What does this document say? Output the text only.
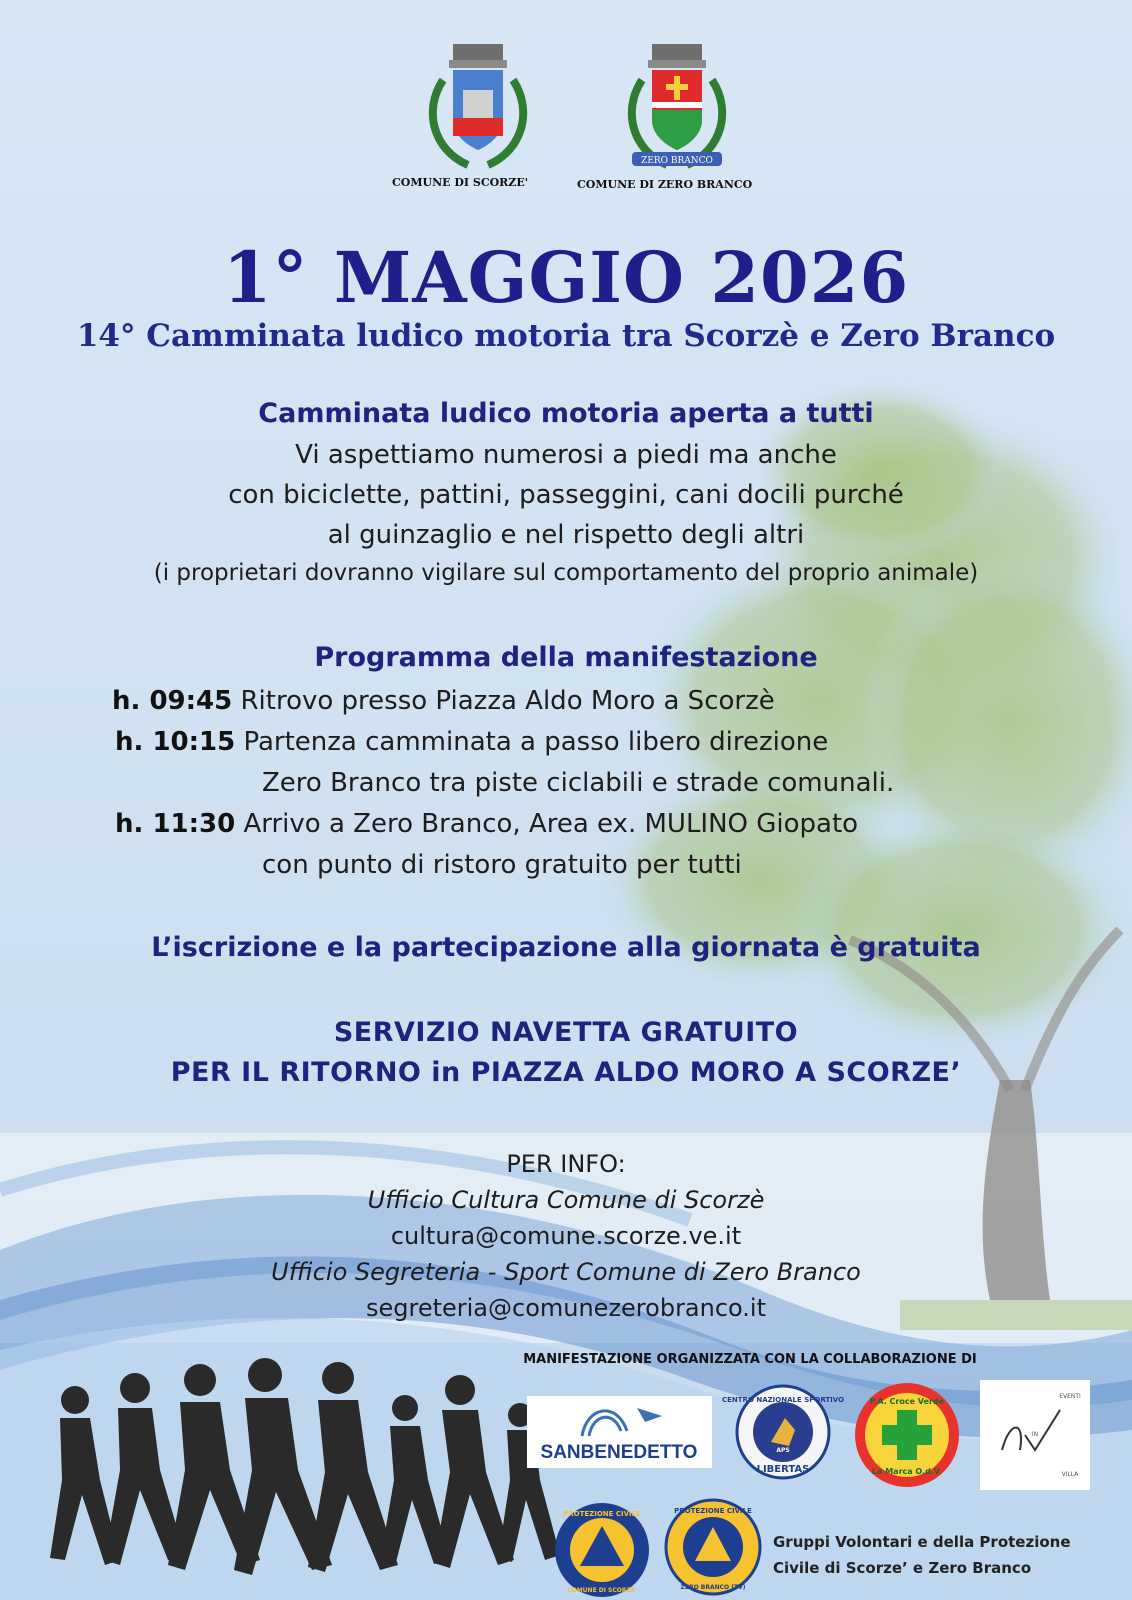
COMUNE DI SCORZE'
ZERO BRANCO
COMUNE DI ZERO BRANCO
1° MAGGIO 2026
14° Camminata ludico motoria tra Scorzè e Zero Branco
Camminata ludico motoria aperta a tutti
Vi aspettiamo numerosi a piedi ma anche
con biciclette, pattini, passeggini, cani docili purché
al guinzaglio e nel rispetto degli altri
(i proprietari dovranno vigilare sul comportamento del proprio animale)
Programma della manifestazione
h. 09:45 Ritrovo presso Piazza Aldo Moro a Scorzè
h. 10:15 Partenza camminata a passo libero direzione
Zero Branco tra piste ciclabili e strade comunali.
h. 11:30 Arrivo a Zero Branco, Area ex. MULINO Giopato
con punto di ristoro gratuito per tutti
L’iscrizione e la partecipazione alla giornata è gratuita
SERVIZIO NAVETTA GRATUITO
PER IL RITORNO in PIAZZA ALDO MORO A SCORZE’
PER INFO:
Ufficio Cultura Comune di Scorzè
cultura@comune.scorze.ve.it
Ufficio Segreteria - Sport Comune di Zero Branco
segreteria@comunezerobranco.it
MANIFESTAZIONE ORGANIZZATA CON LA COLLABORAZIONE DI
SANBENEDETTO
CENTRO NAZIONALE SPORTIVO
APS
LIBERTAS
P.A. Croce Verde
La Marca O.d.V.
EVENTI
IN
VILLA
PROTEZIONE CIVILE
COMUNE DI SCORZE'
PROTEZIONE CIVILE
ZERO BRANCO (TV)
Gruppi Volontari e della Protezione
Civile di Scorze’ e Zero Branco
